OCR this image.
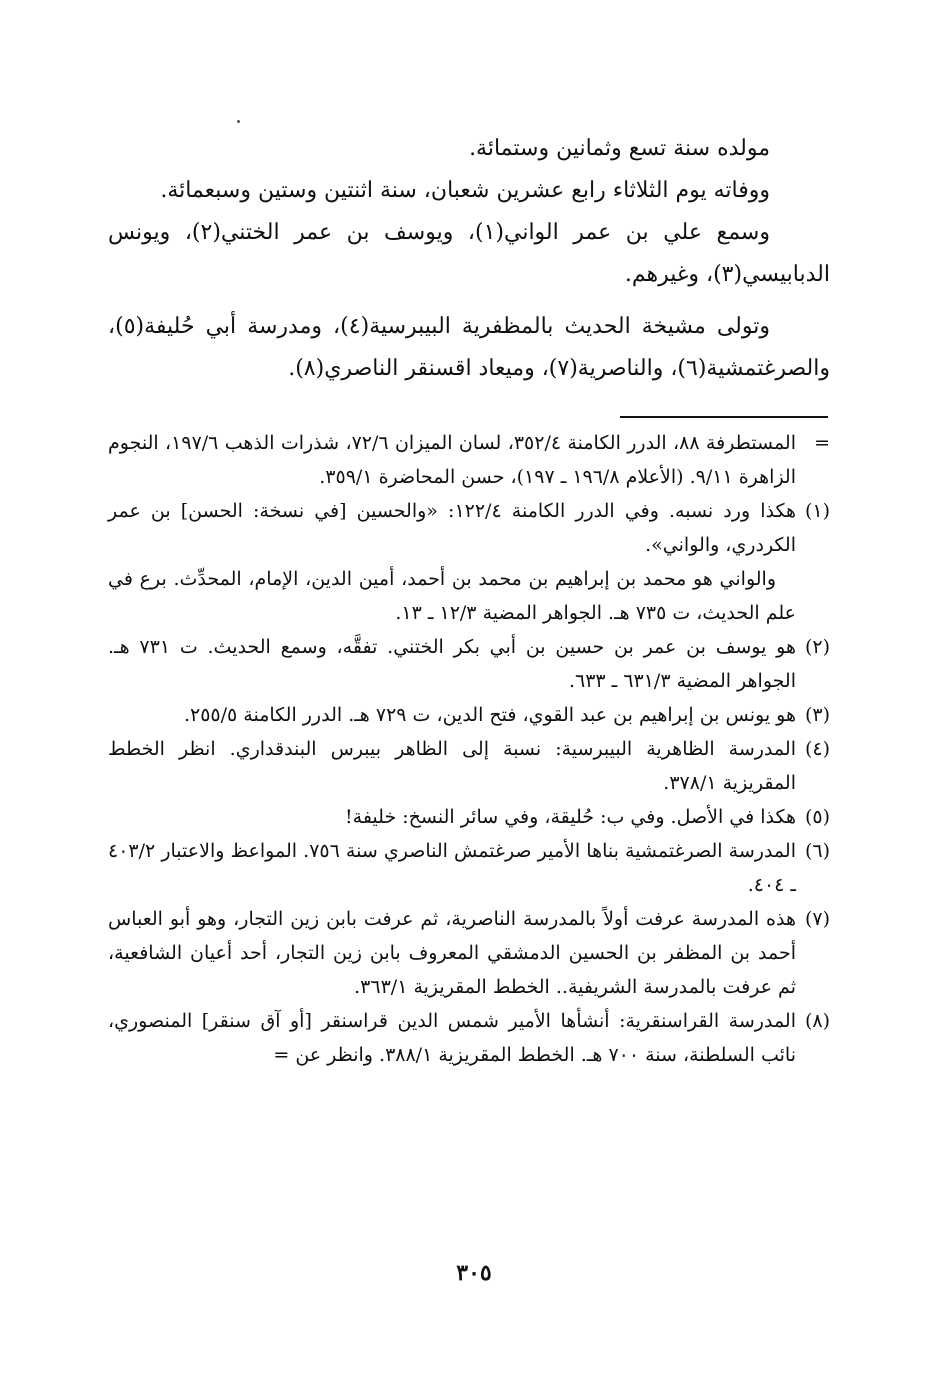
مولده سنة تسع وثمانين وستمائة.

ووفاته يوم الثلاثاء رابع عشرين شعبان، سنة اثنتين وستين وسبعمائة.

وسمع علي بن عمر الواني(١)، ويوسف بن عمر الختني(٢)، ويونس الدبابيسي(٣)، وغيرهم.

وتولى مشيخة الحديث بالمظفرية البيبرسية(٤)، ومدرسة أبي حُليفة(٥)، والصرغتمشية(٦)، والناصرية(٧)، وميعاد اقسنقر الناصري(٨).

=
المستطرفة ٨٨، الدرر الكامنة ٣٥٢/٤، لسان الميزان ٧٢/٦، شذرات الذهب ١٩٧/٦، النجوم الزاهرة ٩/١١. (الأعلام ١٩٦/٨ ـ ١٩٧)، حسن المحاضرة ٣٥٩/١.

(١)
هكذا ورد نسبه. وفي الدرر الكامنة ١٢٢/٤: «والحسين [في نسخة: الحسن] بن عمر الكردري، والواني».

والواني هو محمد بن إبراهيم بن محمد بن أحمد، أمين الدين، الإمام، المحدِّث. برع في علم الحديث، ت ٧٣٥ هـ. الجواهر المضية ١٢/٣ ـ ١٣.

(٢)
هو يوسف بن عمر بن حسين بن أبي بكر الختني. تفقَّه، وسمع الحديث. ت ٧٣١ هـ. الجواهر المضية ٦٣١/٣ ـ ٦٣٣.

(٣)
هو يونس بن إبراهيم بن عبد القوي، فتح الدين، ت ٧٢٩ هـ. الدرر الكامنة ٢٥٥/٥.

(٤)
المدرسة الظاهرية البيبرسية: نسبة إلى الظاهر بيبرس البندقداري. انظر الخطط المقريزية ٣٧٨/١.

(٥)
هكذا في الأصل. وفي ب: حُليقة، وفي سائر النسخ: خليفة!

(٦)
المدرسة الصرغتمشية بناها الأمير صرغتمش الناصري سنة ٧٥٦. المواعظ والاعتبار ٤٠٣/٢ ـ ٤٠٤.

(٧)
هذه المدرسة عرفت أولاً بالمدرسة الناصرية، ثم عرفت بابن زين التجار، وهو أبو العباس أحمد بن المظفر بن الحسين الدمشقي المعروف بابن زين التجار، أحد أعيان الشافعية، ثم عرفت بالمدرسة الشريفية.. الخطط المقريزية ٣٦٣/١.

(٨)
المدرسة القراسنقرية: أنشأها الأمير شمس الدين قراسنقر [أو آق سنقر] المنصوري، نائب السلطنة، سنة ٧٠٠ هـ. الخطط المقريزية ٣٨٨/١. وانظر عن =

٣٠٥
